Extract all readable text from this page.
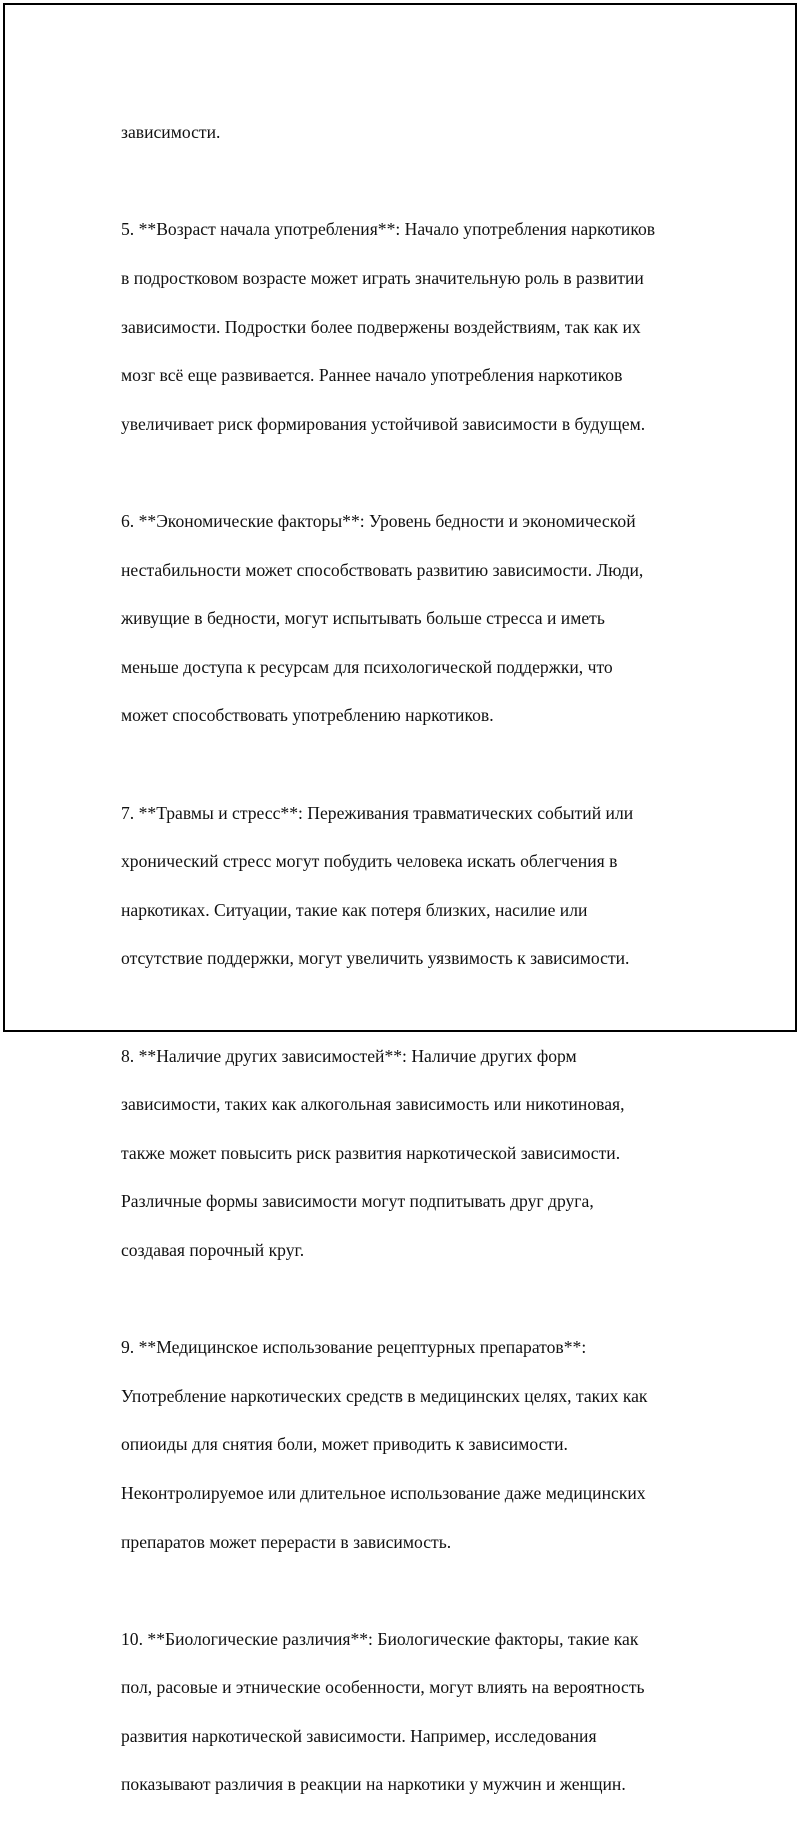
зависимости.

5. **Возраст начала употребления**: Начало употребления наркотиков

в подростковом возрасте может играть значительную роль в развитии

зависимости. Подростки более подвержены воздействиям, так как их

мозг всё еще развивается. Раннее начало употребления наркотиков

увеличивает риск формирования устойчивой зависимости в будущем.

6. **Экономические факторы**: Уровень бедности и экономической

нестабильности может способствовать развитию зависимости. Люди,

живущие в бедности, могут испытывать больше стресса и иметь

меньше доступа к ресурсам для психологической поддержки, что

может способствовать употреблению наркотиков.

7. **Травмы и стресс**: Переживания травматических событий или

хронический стресс могут побудить человека искать облегчения в

наркотиках. Ситуации, такие как потеря близких, насилие или

отсутствие поддержки, могут увеличить уязвимость к зависимости.

8. **Наличие других зависимостей**: Наличие других форм

зависимости, таких как алкогольная зависимость или никотиновая,

также может повысить риск развития наркотической зависимости.

Различные формы зависимости могут подпитывать друг друга,

создавая порочный круг.

9. **Медицинское использование рецептурных препаратов**:

Употребление наркотических средств в медицинских целях, таких как

опиоиды для снятия боли, может приводить к зависимости.

Неконтролируемое или длительное использование даже медицинских

препаратов может перерасти в зависимость.

10. **Биологические различия**: Биологические факторы, такие как

пол, расовые и этнические особенности, могут влиять на вероятность

развития наркотической зависимости. Например, исследования

показывают различия в реакции на наркотики у мужчин и женщин.
